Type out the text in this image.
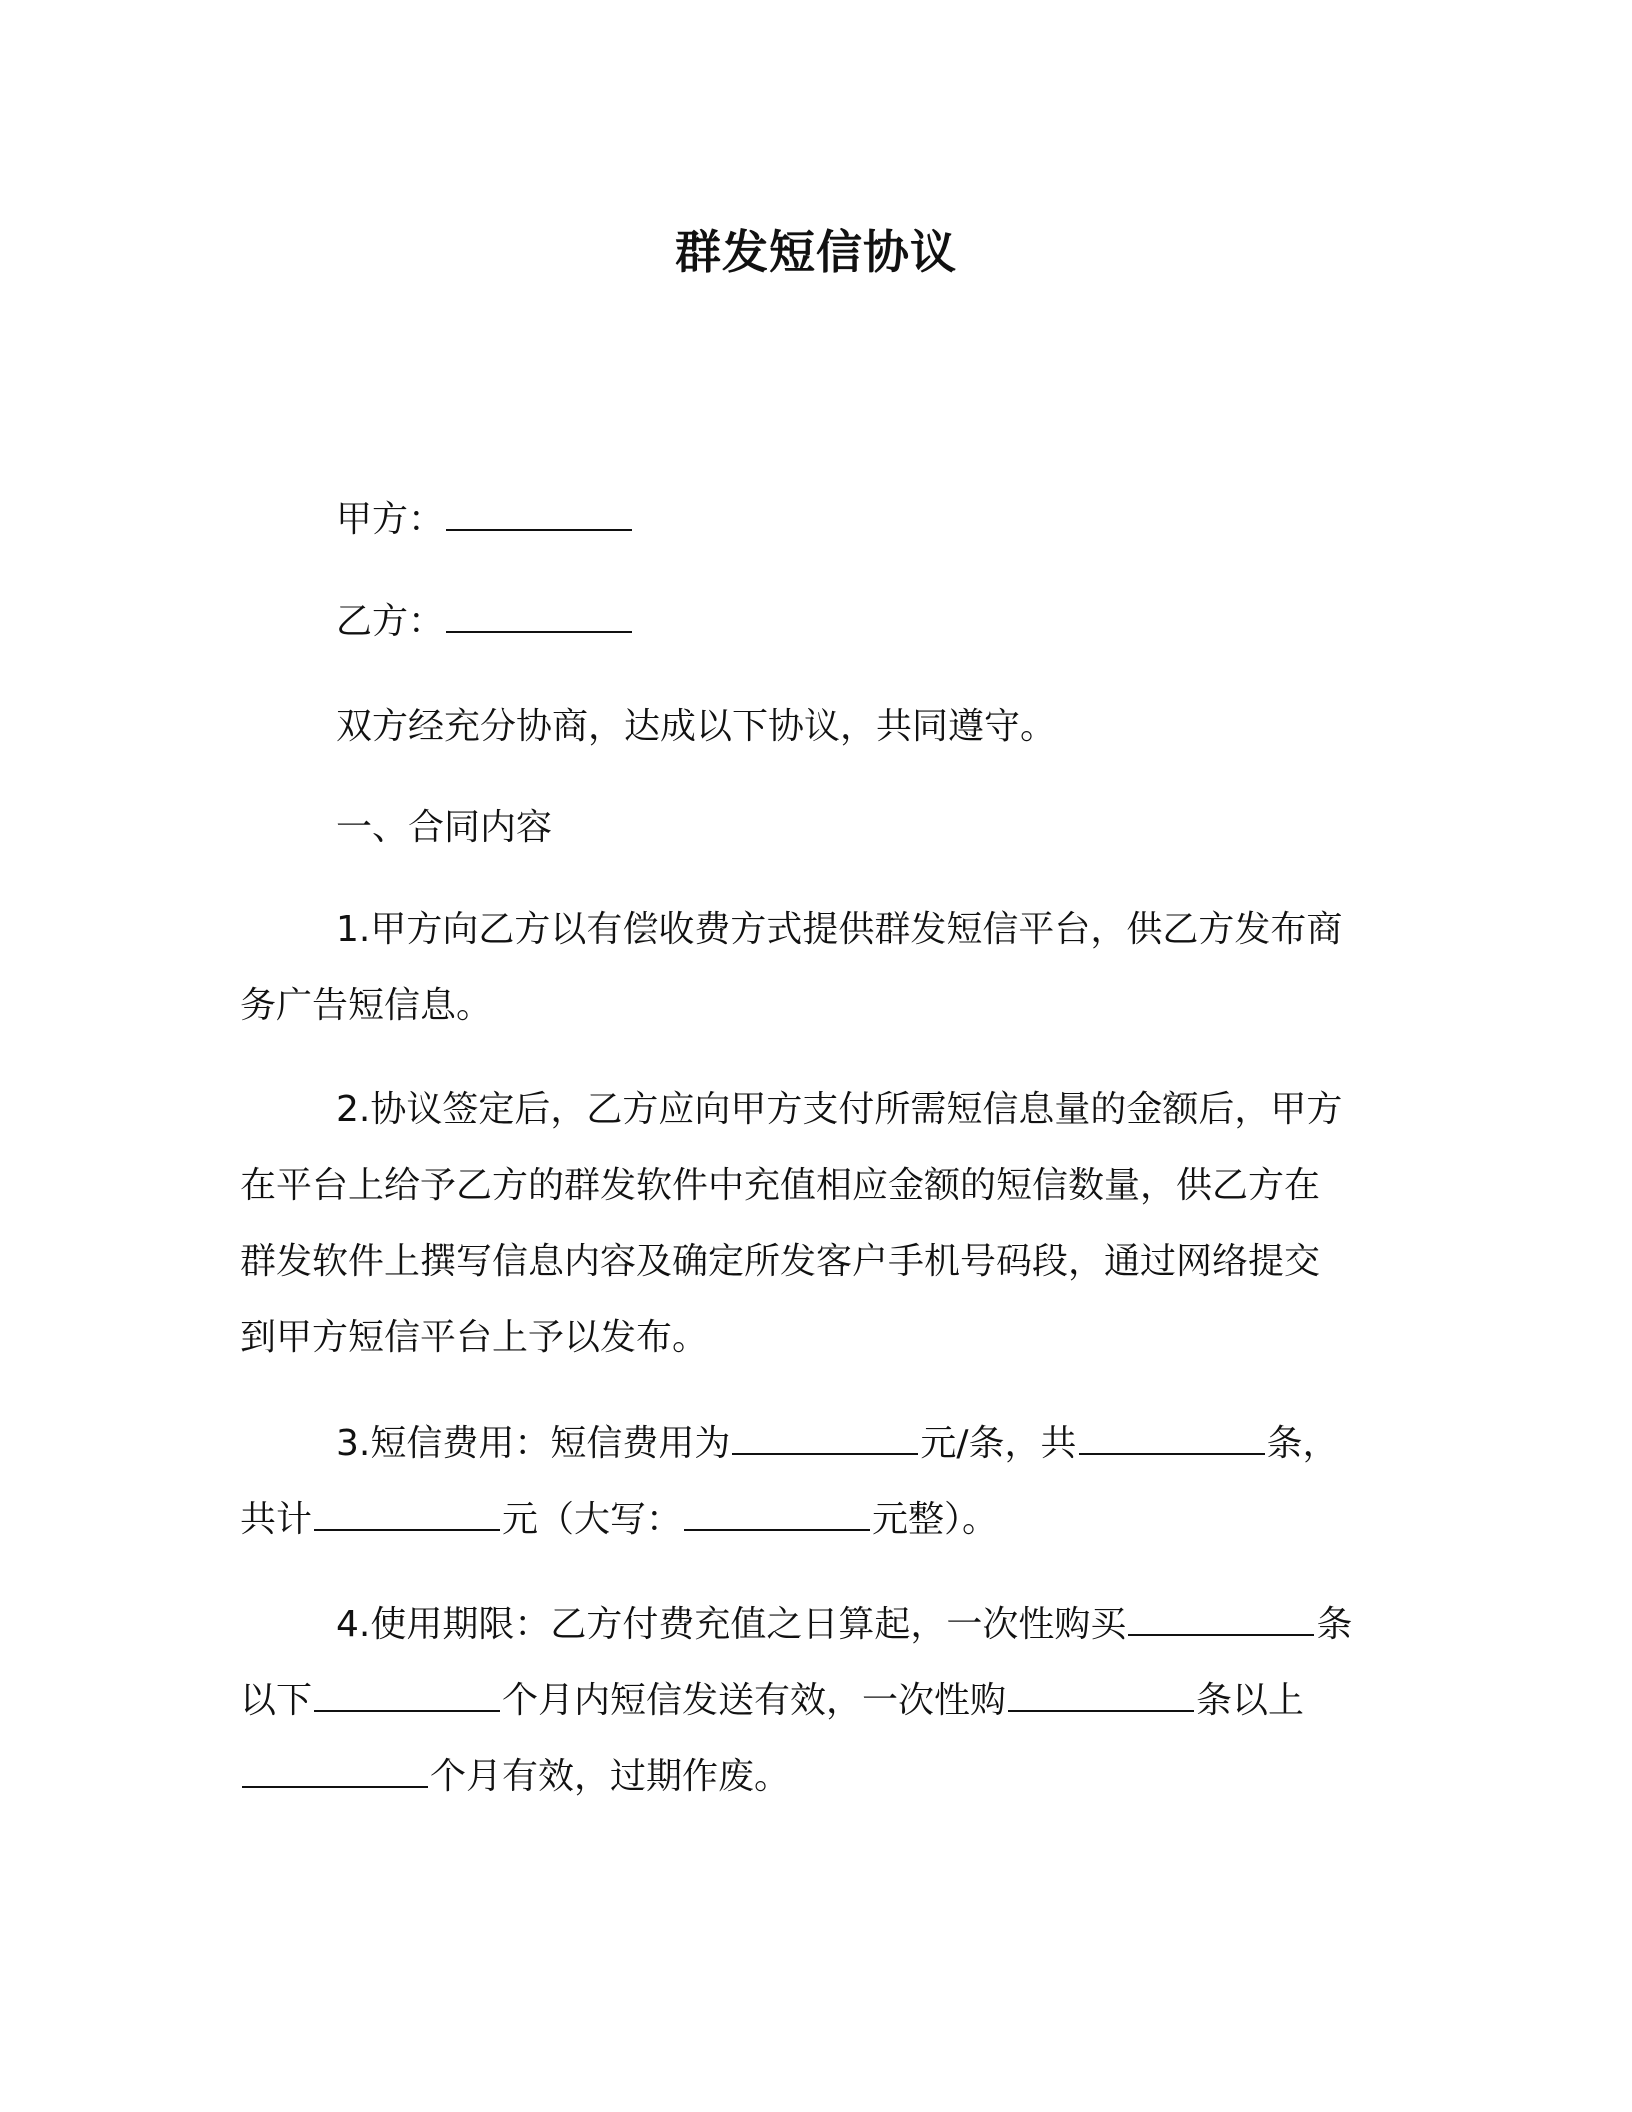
群发短信协议
甲方：
乙方：
双方经充分协商，达成以下协议，共同遵守。
一、合同内容
1.甲方向乙方以有偿收费方式提供群发短信平台，供乙方发布商
务广告短信息。
2.协议签定后，乙方应向甲方支付所需短信息量的金额后，甲方
在平台上给予乙方的群发软件中充值相应金额的短信数量，供乙方在
群发软件上撰写信息内容及确定所发客户手机号码段，通过网络提交
到甲方短信平台上予以发布。
3.短信费用：短信费用为	元/条，共	条，
共计	元（大写：	元整）。
4.使用期限：乙方付费充值之日算起，一次性购买	条
以下	个月内短信发送有效，一次性购	条以上
个月有效，过期作废。
